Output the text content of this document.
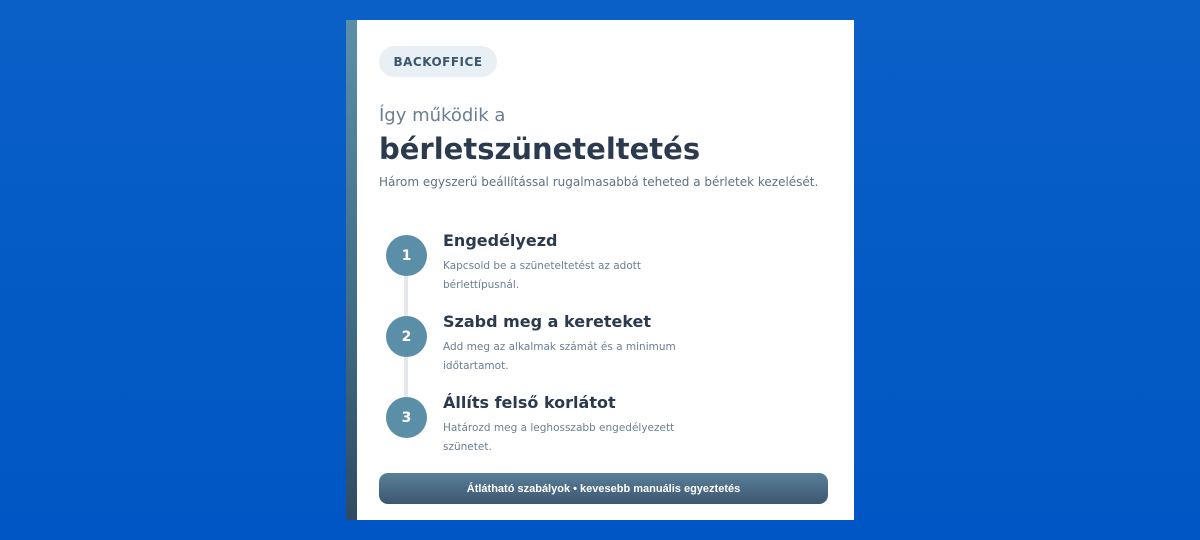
BACKOFFICE
Így működik a
bérletszüneteltetés
Három egyszerű beállítással rugalmasabbá teheted a bérletek kezelését.
1
Engedélyezd
Kapcsold be a szüneteltetést az adott bérlettípusnál.
2
Szabd meg a kereteket
Add meg az alkalmak számát és a minimum időtartamot.
3
Állíts felső korlátot
Határozd meg a leghosszabb engedélyezett szünetet.
Átlátható szabályok • kevesebb manuális egyeztetés
